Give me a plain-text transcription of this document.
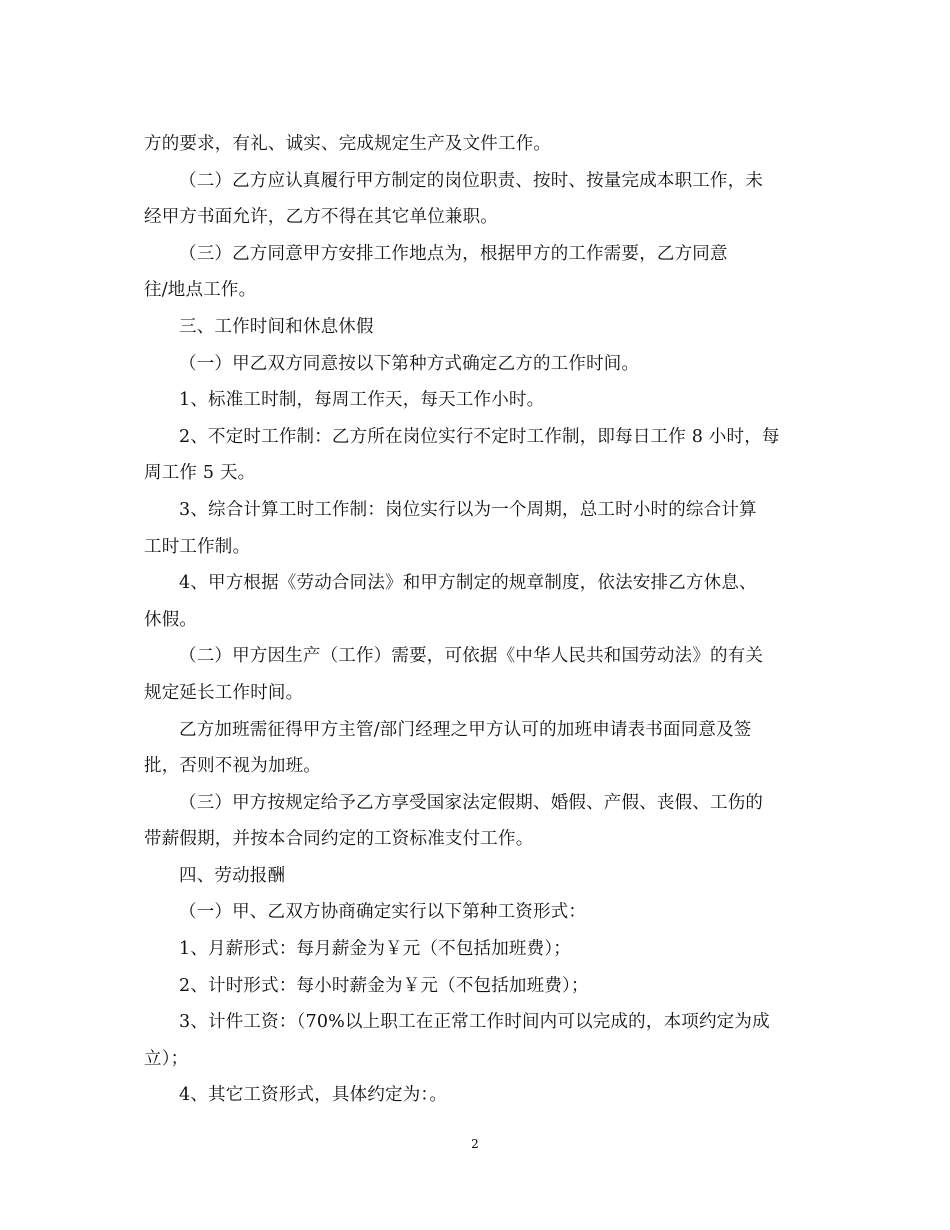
方的要求，有礼、诚实、完成规定生产及文件工作。
（二）乙方应认真履行甲方制定的岗位职责、按时、按量完成本职工作，未
经甲方书面允许，乙方不得在其它单位兼职。
（三）乙方同意甲方安排工作地点为，根据甲方的工作需要，乙方同意
往/地点工作。
三、工作时间和休息休假
（一）甲乙双方同意按以下第种方式确定乙方的工作时间。
1、标准工时制，每周工作天，每天工作小时。
2、不定时工作制：乙方所在岗位实行不定时工作制，即每日工作 8 小时，每
周工作 5 天。
3、综合计算工时工作制：岗位实行以为一个周期，总工时小时的综合计算
工时工作制。
4、甲方根据《劳动合同法》和甲方制定的规章制度，依法安排乙方休息、
休假。
（二）甲方因生产（工作）需要，可依据《中华人民共和国劳动法》的有关
规定延长工作时间。
乙方加班需征得甲方主管/部门经理之甲方认可的加班申请表书面同意及签
批，否则不视为加班。
（三）甲方按规定给予乙方享受国家法定假期、婚假、产假、丧假、工伤的
带薪假期，并按本合同约定的工资标准支付工作。
四、劳动报酬
（一）甲、乙双方协商确定实行以下第种工资形式：
1、月薪形式：每月薪金为￥元（不包括加班费）；
2、计时形式：每小时薪金为￥元（不包括加班费）；
3、计件工资：（70%以上职工在正常工作时间内可以完成的，本项约定为成
立）；
4、其它工资形式，具体约定为：。
2
